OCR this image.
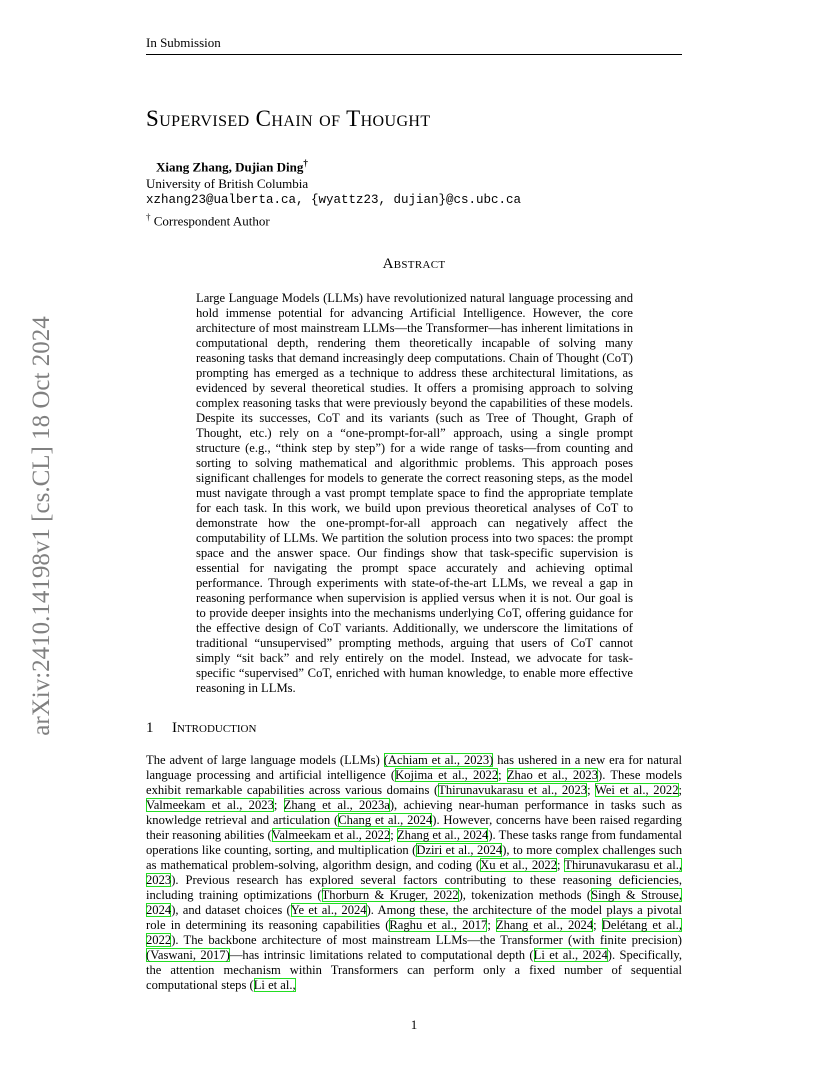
In Submission
Supervised Chain of Thought
Xiang Zhang, Dujian Ding†
University of British Columbia
xzhang23@ualberta.ca, {wyattz23, dujian}@cs.ubc.ca
† Correspondent Author
Abstract
Large Language Models (LLMs) have revolutionized natural language processing and hold immense potential for advancing Artificial Intelligence. However, the core architecture of most mainstream LLMs—the Transformer—has inherent limitations in computational depth, rendering them theoretically incapable of solving many reasoning tasks that demand increasingly deep computations. Chain of Thought (CoT) prompting has emerged as a technique to address these architectural limitations, as evidenced by several theoretical studies. It offers a promising approach to solving complex reasoning tasks that were previously beyond the capabilities of these models. Despite its successes, CoT and its variants (such as Tree of Thought, Graph of Thought, etc.) rely on a “one-prompt-for-all” approach, using a single prompt structure (e.g., “think step by step”) for a wide range of tasks—from counting and sorting to solving mathematical and algorithmic problems. This approach poses significant challenges for models to generate the correct reasoning steps, as the model must navigate through a vast prompt template space to find the appropriate template for each task. In this work, we build upon previous theoretical analyses of CoT to demonstrate how the one-prompt-for-all approach can negatively affect the computability of LLMs. We partition the solution process into two spaces: the prompt space and the answer space. Our findings show that task-specific supervision is essential for navigating the prompt space accurately and achieving optimal performance. Through experiments with state-of-the-art LLMs, we reveal a gap in reasoning performance when supervision is applied versus when it is not. Our goal is to provide deeper insights into the mechanisms underlying CoT, offering guidance for the effective design of CoT variants. Additionally, we underscore the limitations of traditional “unsupervised” prompting methods, arguing that users of CoT cannot simply “sit back” and rely entirely on the model. Instead, we advocate for task-specific “supervised” CoT, enriched with human knowledge, to enable more effective reasoning in LLMs.
1 Introduction
The advent of large language models (LLMs) (Achiam et al., 2023) has ushered in a new era for natural language processing and artificial intelligence (Kojima et al., 2022; Zhao et al., 2023). These models exhibit remarkable capabilities across various domains (Thirunavukarasu et al., 2023; Wei et al., 2022; Valmeekam et al., 2023; Zhang et al., 2023a), achieving near-human performance in tasks such as knowledge retrieval and articulation (Chang et al., 2024). However, concerns have been raised regarding their reasoning abilities (Valmeekam et al., 2022; Zhang et al., 2024). These tasks range from fundamental operations like counting, sorting, and multiplication (Dziri et al., 2024), to more complex challenges such as mathematical problem-solving, algorithm design, and coding (Xu et al., 2022; Thirunavukarasu et al., 2023). Previous research has explored several factors contributing to these reasoning deficiencies, including training optimizations (Thorburn & Kruger, 2022), tokenization methods (Singh & Strouse, 2024), and dataset choices (Ye et al., 2024). Among these, the architecture of the model plays a pivotal role in determining its reasoning capabilities (Raghu et al., 2017; Zhang et al., 2024; Delétang et al., 2022). The backbone architecture of most mainstream LLMs—the Transformer (with finite precision) (Vaswani, 2017)—has intrinsic limitations related to computational depth (Li et al., 2024). Specifically, the attention mechanism within Transformers can perform only a fixed number of sequential computational steps (Li et al.,
arXiv:2410.14198v1 [cs.CL] 18 Oct 2024
1
